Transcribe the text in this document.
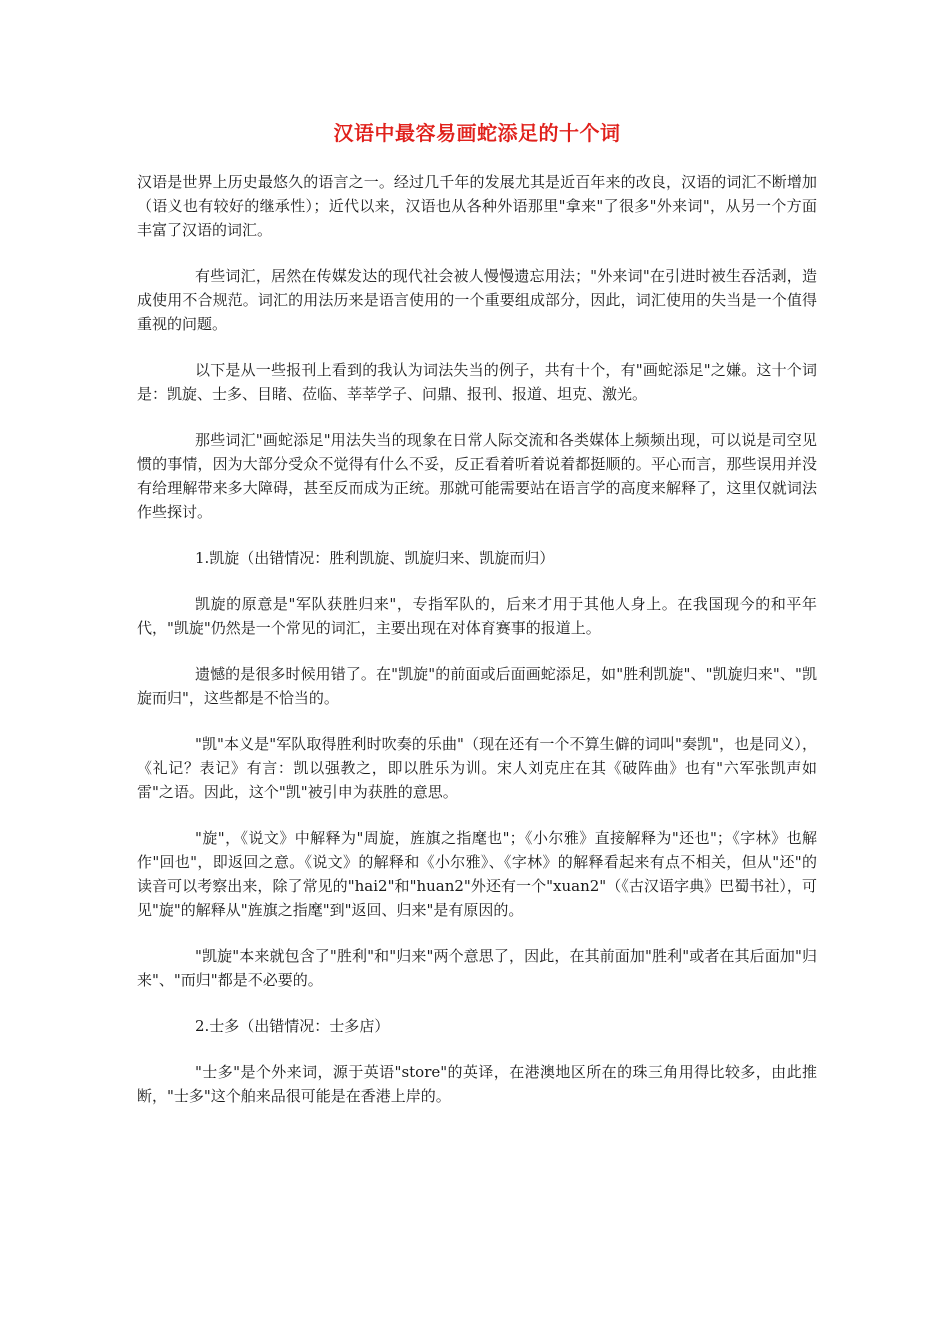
汉语中最容易画蛇添足的十个词
汉语是世界上历史最悠久的语言之一。经过几千年的发展尤其是近百年来的改良，汉语的词汇不断增加（语义也有较好的继承性）；近代以来，汉语也从各种外语那里"拿来"了很多"外来词"，从另一个方面丰富了汉语的词汇。
有些词汇，居然在传媒发达的现代社会被人慢慢遗忘用法；"外来词"在引进时被生吞活剥，造成使用不合规范。词汇的用法历来是语言使用的一个重要组成部分，因此，词汇使用的失当是一个值得重视的问题。
以下是从一些报刊上看到的我认为词法失当的例子，共有十个，有"画蛇添足"之嫌。这十个词是：凯旋、士多、目睹、莅临、莘莘学子、问鼎、报刊、报道、坦克、激光。
那些词汇"画蛇添足"用法失当的现象在日常人际交流和各类媒体上频频出现，可以说是司空见惯的事情，因为大部分受众不觉得有什么不妥，反正看着听着说着都挺顺的。平心而言，那些误用并没有给理解带来多大障碍，甚至反而成为正统。那就可能需要站在语言学的高度来解释了，这里仅就词法作些探讨。
1.凯旋（出错情况：胜利凯旋、凯旋归来、凯旋而归）
凯旋的原意是"军队获胜归来"，专指军队的，后来才用于其他人身上。在我国现今的和平年代，"凯旋"仍然是一个常见的词汇，主要出现在对体育赛事的报道上。
遗憾的是很多时候用错了。在"凯旋"的前面或后面画蛇添足，如"胜利凯旋"、"凯旋归来"、"凯旋而归"，这些都是不恰当的。
"凯"本义是"军队取得胜利时吹奏的乐曲"（现在还有一个不算生僻的词叫"奏凯"，也是同义），《礼记？表记》有言：凯以强教之，即以胜乐为训。宋人刘克庄在其《破阵曲》也有"六军张凯声如雷"之语。因此，这个"凯"被引申为获胜的意思。
"旋"，《说文》中解释为"周旋，旌旗之指麾也"；《小尔雅》直接解释为"还也"；《字林》也解作"回也"，即返回之意。《说文》的解释和《小尔雅》、《字林》的解释看起来有点不相关，但从"还"的读音可以考察出来，除了常见的"hai2"和"huan2"外还有一个"xuan2"（《古汉语字典》巴蜀书社），可见"旋"的解释从"旌旗之指麾"到"返回、归来"是有原因的。
"凯旋"本来就包含了"胜利"和"归来"两个意思了，因此，在其前面加"胜利"或者在其后面加"归来"、"而归"都是不必要的。
2.士多（出错情况：士多店）
"士多"是个外来词，源于英语"store"的英译，在港澳地区所在的珠三角用得比较多，由此推断，"士多"这个舶来品很可能是在香港上岸的。
